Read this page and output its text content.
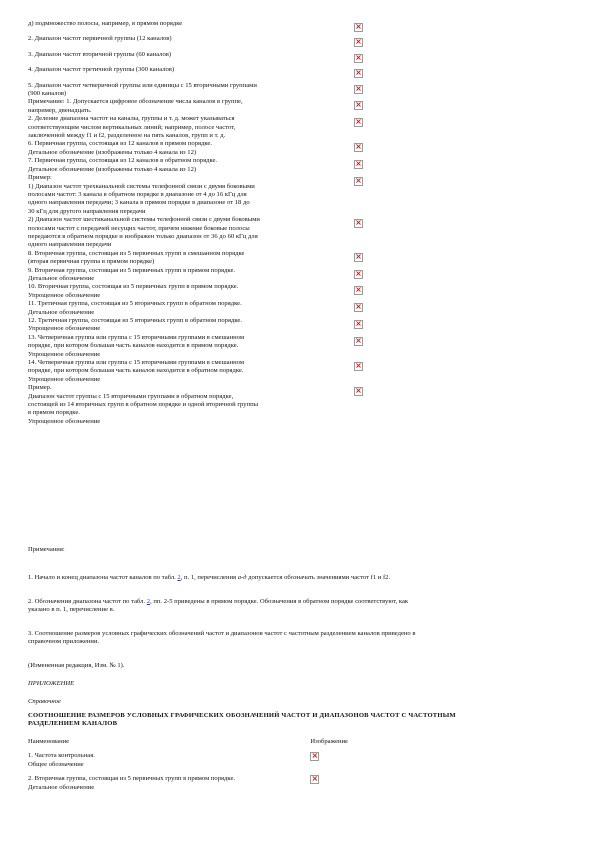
д) подмножество полосы, например, в прямом порядке	×
2. Диапазон частот первичной группы (12 каналов)	×
3. Диапазон частот вторичной группы (60 каналов)	×
4. Диапазон частот третичной группы (300 каналов)	×
5. Диапазон частот четверичной группы или единицы с 15 вторичными группами
(900 каналов)	×
Примечание: 1. Допускается цифровое обозначение числа каналов в группе,
например, двенадцать.	×
2. Деление диапазона частот на каналы, группы и т. д. может указываться
соответствующим числом вертикальных линий; например, полосе частот,
заключенной между f1 и f2, разделенное на пять каналов, групп и т. д.	×
6. Первичная группа, состоящая из 12 каналов в прямом порядке.
Детальное обозначение (изображены только 4 канала из 12)	×
7. Первичная группа, состоящая из 12 каналов в обратном порядке.
Детальное обозначение (изображены только 4 канала из 12)	×
Пример:
1) Диапазон частот трехканальной системы телефонной связи с двумя боковыми
полосами частот: 3 канала в обратном порядке в диапазоне от 4 до 16 кГц для
одного направления передачи; 3 канала в прямом порядке в диапазоне от 18 до
30 кГц для другого направления передачи	×
2) Диапазон частот шестиканальной системы телефонной связи с двумя боковыми
полосами частот с передачей несущих частот, причем нижние боковые полосы
передаются в обратном порядке и изображен только диапазон от 36 до 60 кГц для
одного направления передачи	×
8. Вторичная группа, состоящая из 5 первичных групп в смешанном порядке
(вторая первичная группа в прямом порядке)	×
9. Вторичная группа, состоящая из 5 первичных групп в прямом порядке.
Детальное обозначение	×
10. Вторичная группа, состоящая из 5 первичных групп в прямом порядке.
Упрощенное обозначение	×
11. Третичная группа, состоящая из 5 вторичных групп в обратном порядке.
Детальное обозначение	×
12. Третичная группа, состоящая из 5 вторичных групп в обратном порядке.
Упрощенное обозначение	×
13. Четверичная группа или группа с 15 вторичными группами в смешанном
порядке, при котором большая часть каналов находится в прямом порядке.
Упрощенное обозначение	×
14. Четверичная группа или группа с 15 вторичными группами в смешанном
порядке, при котором большая часть каналов находится в обратном порядке.
Упрощенное обозначение	×
Пример.
Диапазон частот группы с 15 вторичными группами в обратном порядке,
состоящей из 14 вторичных групп в обратном порядке и одной вторичной группы
в прямом порядке.
Упрощенное обозначение	×
Примечания:
1. Начало и конец диапазона частот каналов по табл. 2, п. 1, перечисления а-д допускается обозначать значениями частот f1 и f2.
2. Обозначения диапазона частот по табл. 2, пп. 2-5 приведены в прямом порядке. Обозначения в обратном порядке соответствуют, как
указано в п. 1, перечисление в.
3. Соотношение размеров условных графических обозначений частот и диапазонов частот с частотным разделением каналов приведено в
справочном приложении.
(Измененная редакция, Изм. № 1).
ПРИЛОЖЕНИЕ
Справочное
СООТНОШЕНИЕ РАЗМЕРОВ УСЛОВНЫХ ГРАФИЧЕСКИХ ОБОЗНАЧЕНИЙ ЧАСТОТ И ДИАПАЗОНОВ ЧАСТОТ С ЧАСТОТНЫМ
РАЗДЕЛЕНИЕМ КАНАЛОВ
Наименование	Изображение
1. Частота контрольная.
Общее обозначение	×
2. Вторичная группа, состоящая из 5 первичных групп в прямом порядке.
Детальное обозначение	×
